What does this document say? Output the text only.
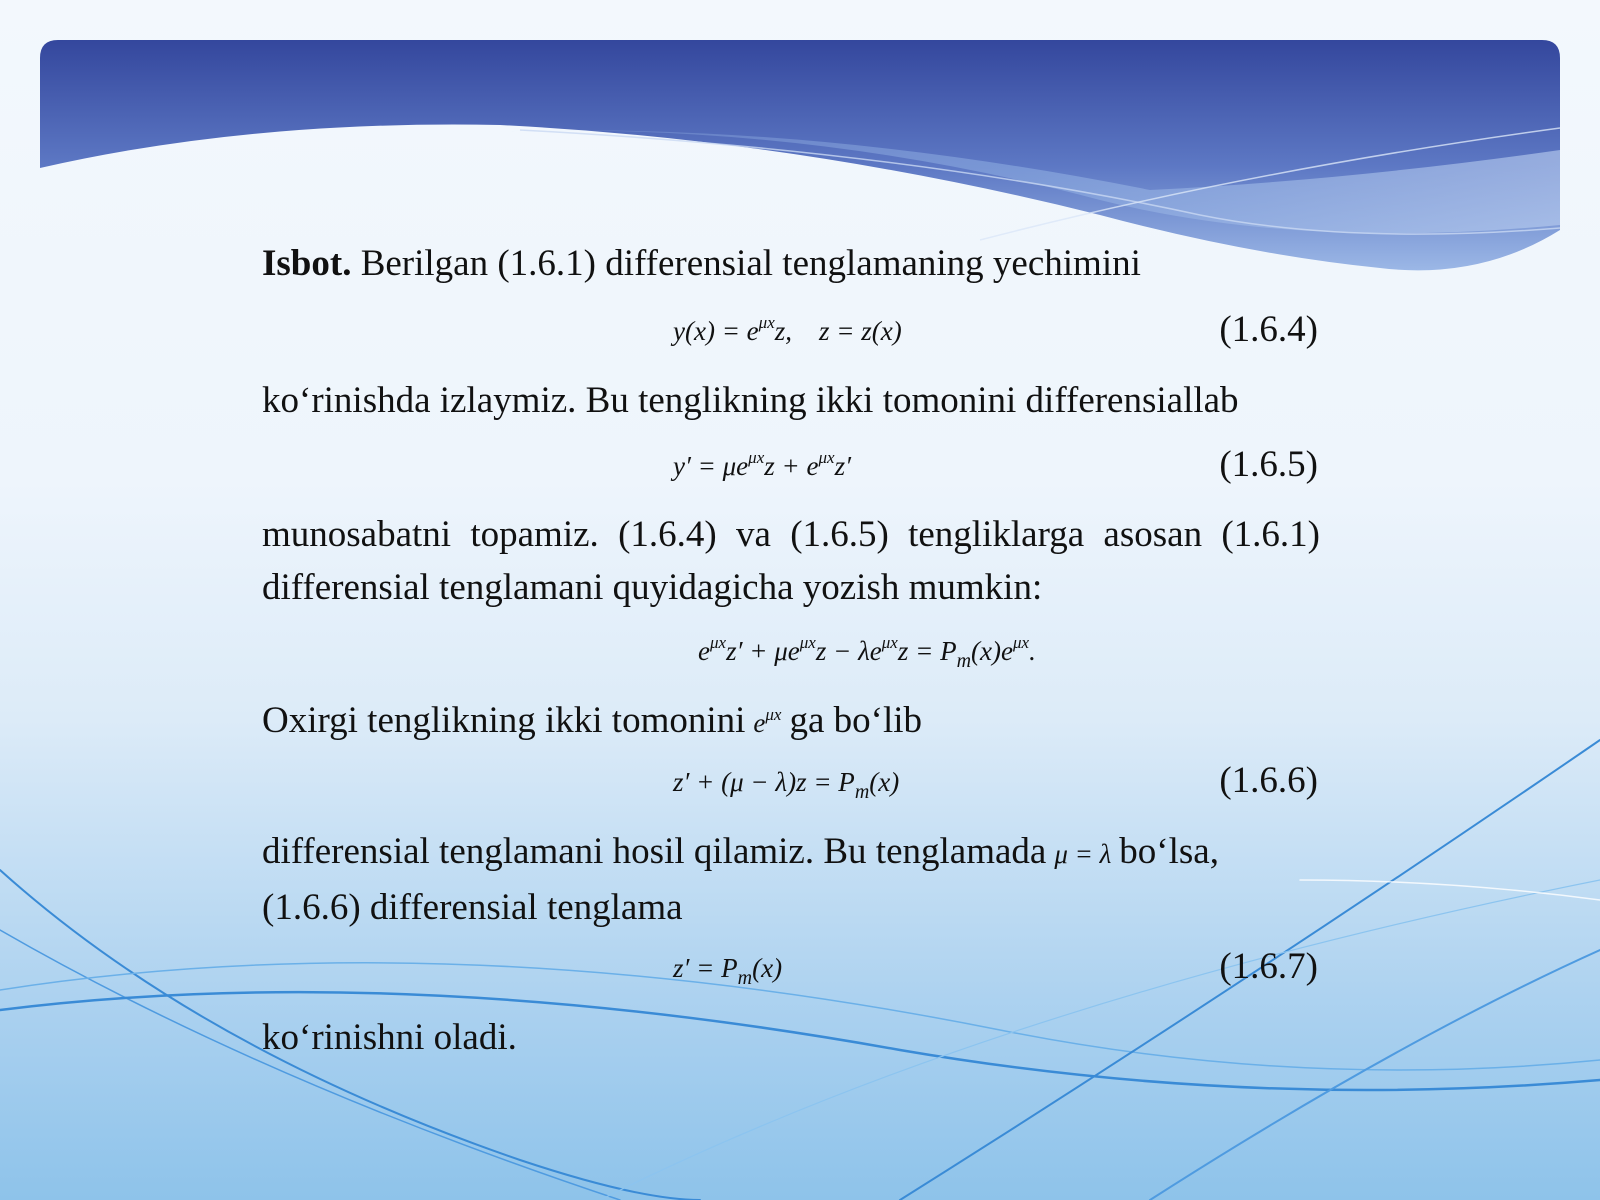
Isbot. Berilgan (1.6.1) differensial tenglamaning yechimini

$y(x) = e^{\mu x}z$,    z = z(x)	(1.6.4)

ko‘rinishda izlaymiz. Bu tenglikning ikki tomonini differensiallab

$y' = \mu e^{\mu x}z + e^{\mu x}z'$	(1.6.5)

munosabatni topamiz. (1.6.4) va (1.6.5) tengliklarga asosan (1.6.1) differensial tenglamani quyidagicha yozish mumkin:

$e^{\mu x}z' + \mu e^{\mu x}z - \lambda e^{\mu x}z = P_m(x)e^{\mu x}$.

Oxirgi tenglikning ikki tomonini $e^{\mu x}$ ga bo‘lib

$z' + (\mu - \lambda)z = P_m(x)$	(1.6.6)

differensial tenglamani hosil qilamiz. Bu tenglamada μ = λ bo‘lsa, (1.6.6) differensial tenglama

$z' = P_m(x)$	(1.6.7)

ko‘rinishni oladi.
